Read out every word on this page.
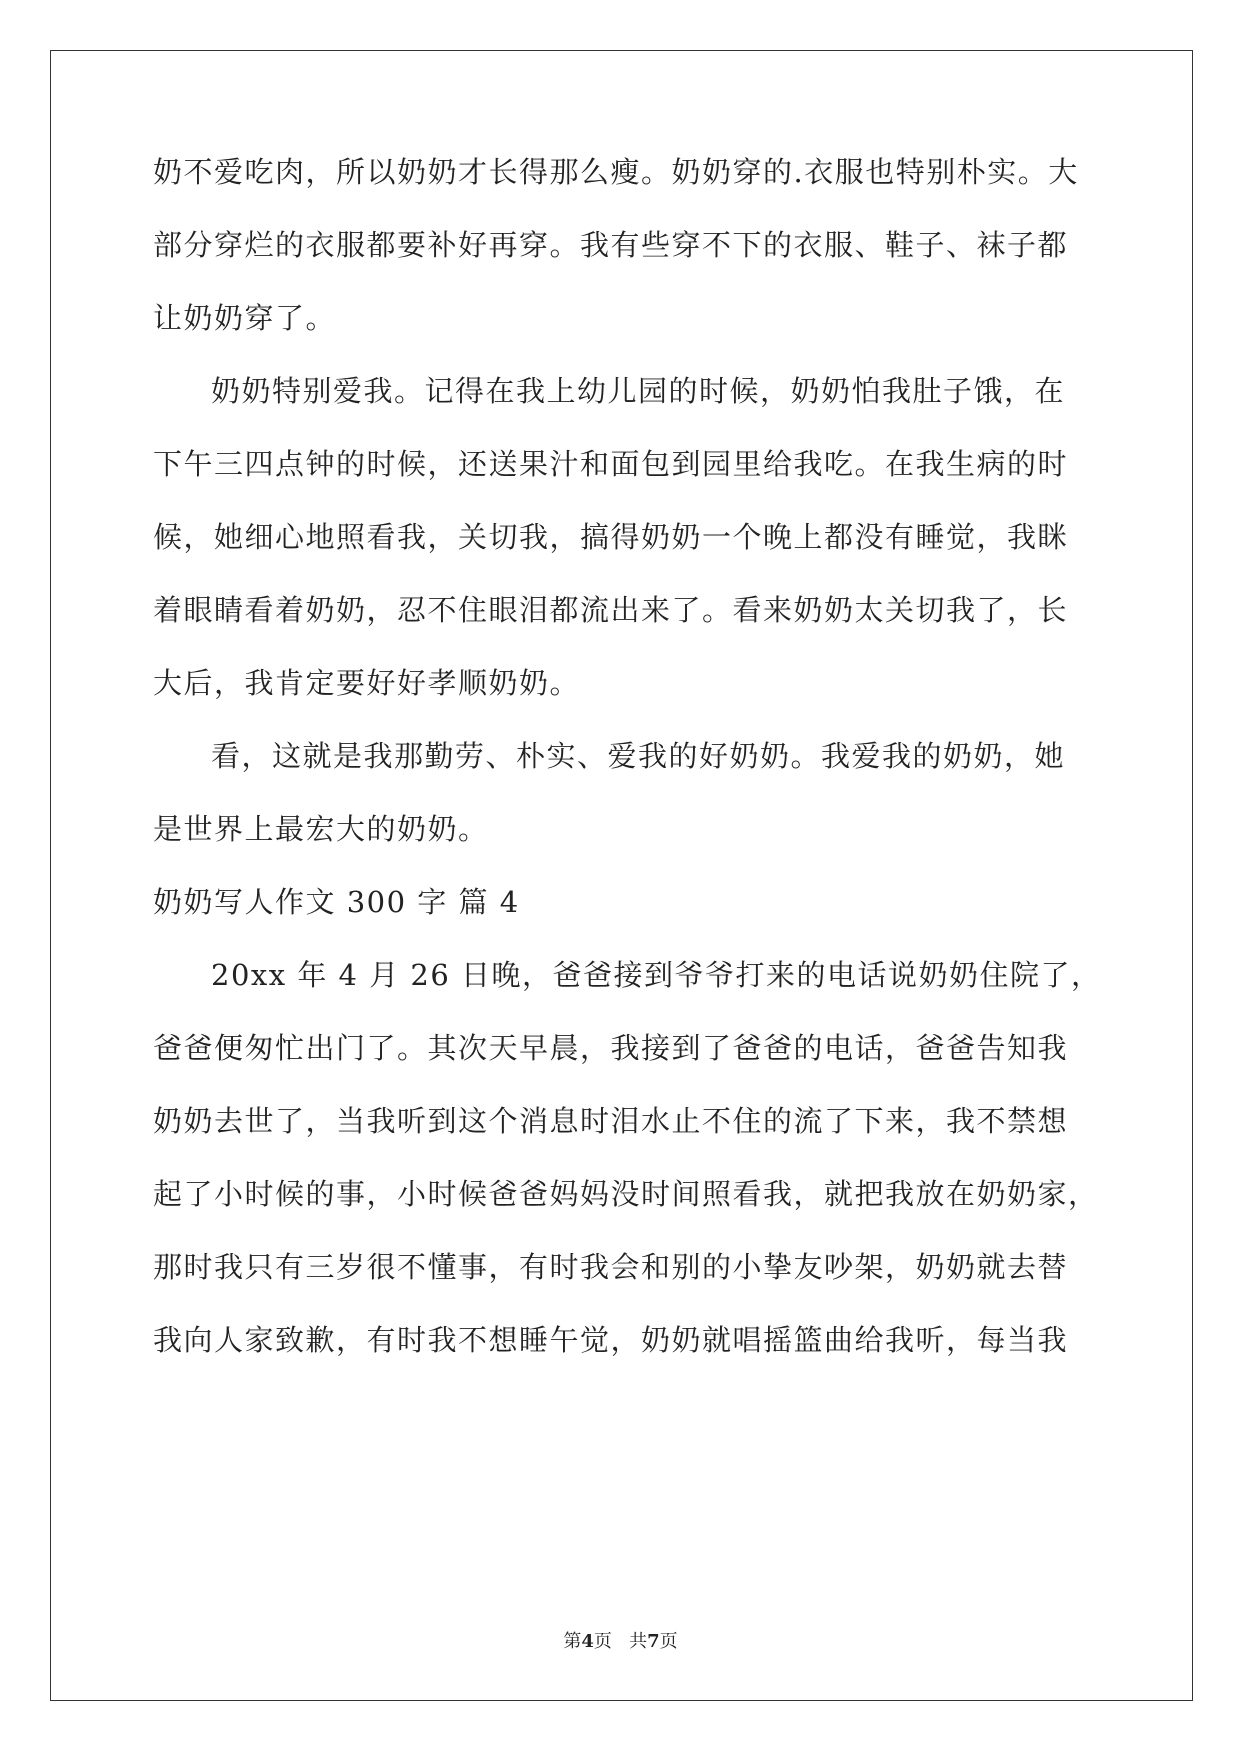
奶不爱吃肉，所以奶奶才长得那么瘦。奶奶穿的.衣服也特别朴实。大
部分穿烂的衣服都要补好再穿。我有些穿不下的衣服、鞋子、袜子都
让奶奶穿了。
奶奶特别爱我。记得在我上幼儿园的时候，奶奶怕我肚子饿，在
下午三四点钟的时候，还送果汁和面包到园里给我吃。在我生病的时
候，她细心地照看我，关切我，搞得奶奶一个晚上都没有睡觉，我眯
着眼睛看着奶奶，忍不住眼泪都流出来了。看来奶奶太关切我了，长
大后，我肯定要好好孝顺奶奶。
看，这就是我那勤劳、朴实、爱我的好奶奶。我爱我的奶奶，她
是世界上最宏大的奶奶。
奶奶写人作文 300 字 篇 4
20xx 年 4 月 26 日晚，爸爸接到爷爷打来的电话说奶奶住院了，
爸爸便匆忙出门了。其次天早晨，我接到了爸爸的电话，爸爸告知我
奶奶去世了，当我听到这个消息时泪水止不住的流了下来，我不禁想
起了小时候的事，小时候爸爸妈妈没时间照看我，就把我放在奶奶家，
那时我只有三岁很不懂事，有时我会和别的小挚友吵架，奶奶就去替
我向人家致歉，有时我不想睡午觉，奶奶就唱摇篮曲给我听，每当我
第4页 共7页
